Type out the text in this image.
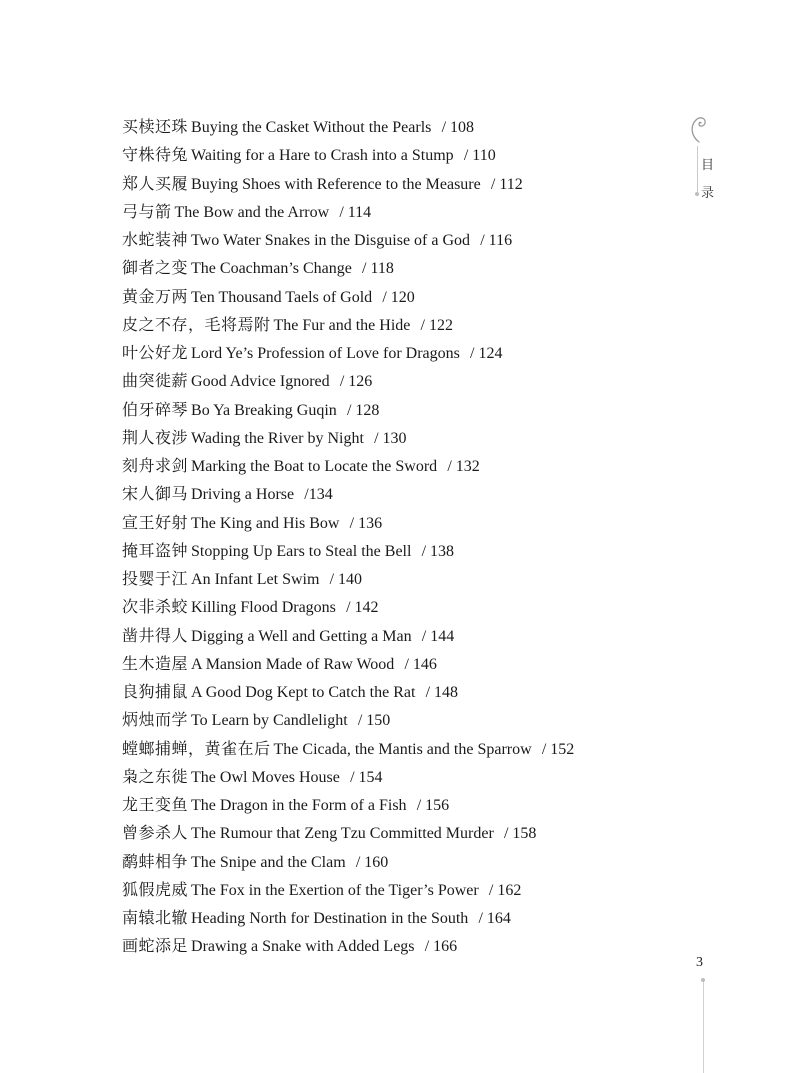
买椟还珠 Buying the Casket Without the Pearls / 108
守株待兔 Waiting for a Hare to Crash into a Stump / 110
郑人买履 Buying Shoes with Reference to the Measure / 112
弓与箭 The Bow and the Arrow / 114
水蛇装神 Two Water Snakes in the Disguise of a God / 116
御者之变 The Coachman’s Change / 118
黄金万两 Ten Thousand Taels of Gold / 120
皮之不存，毛将焉附 The Fur and the Hide / 122
叶公好龙 Lord Ye’s Profession of Love for Dragons / 124
曲突徙薪 Good Advice Ignored / 126
伯牙碎琴 Bo Ya Breaking Guqin / 128
荆人夜涉 Wading the River by Night / 130
刻舟求剑 Marking the Boat to Locate the Sword / 132
宋人御马 Driving a Horse /134
宣王好射 The King and His Bow / 136
掩耳盗钟 Stopping Up Ears to Steal the Bell / 138
投婴于江 An Infant Let Swim / 140
次非杀蛟 Killing Flood Dragons / 142
凿井得人 Digging a Well and Getting a Man / 144
生木造屋 A Mansion Made of Raw Wood / 146
良狗捕鼠 A Good Dog Kept to Catch the Rat / 148
炳烛而学 To Learn by Candlelight / 150
螳螂捕蝉，黄雀在后 The Cicada, the Mantis and the Sparrow / 152
枭之东徙 The Owl Moves House / 154
龙王变鱼 The Dragon in the Form of a Fish / 156
曾参杀人 The Rumour that Zeng Tzu Committed Murder / 158
鹬蚌相争 The Snipe and the Clam / 160
狐假虎威 The Fox in the Exertion of the Tiger’s Power / 162
南辕北辙 Heading North for Destination in the South / 164
画蛇添足 Drawing a Snake with Added Legs / 166
目
录
3
